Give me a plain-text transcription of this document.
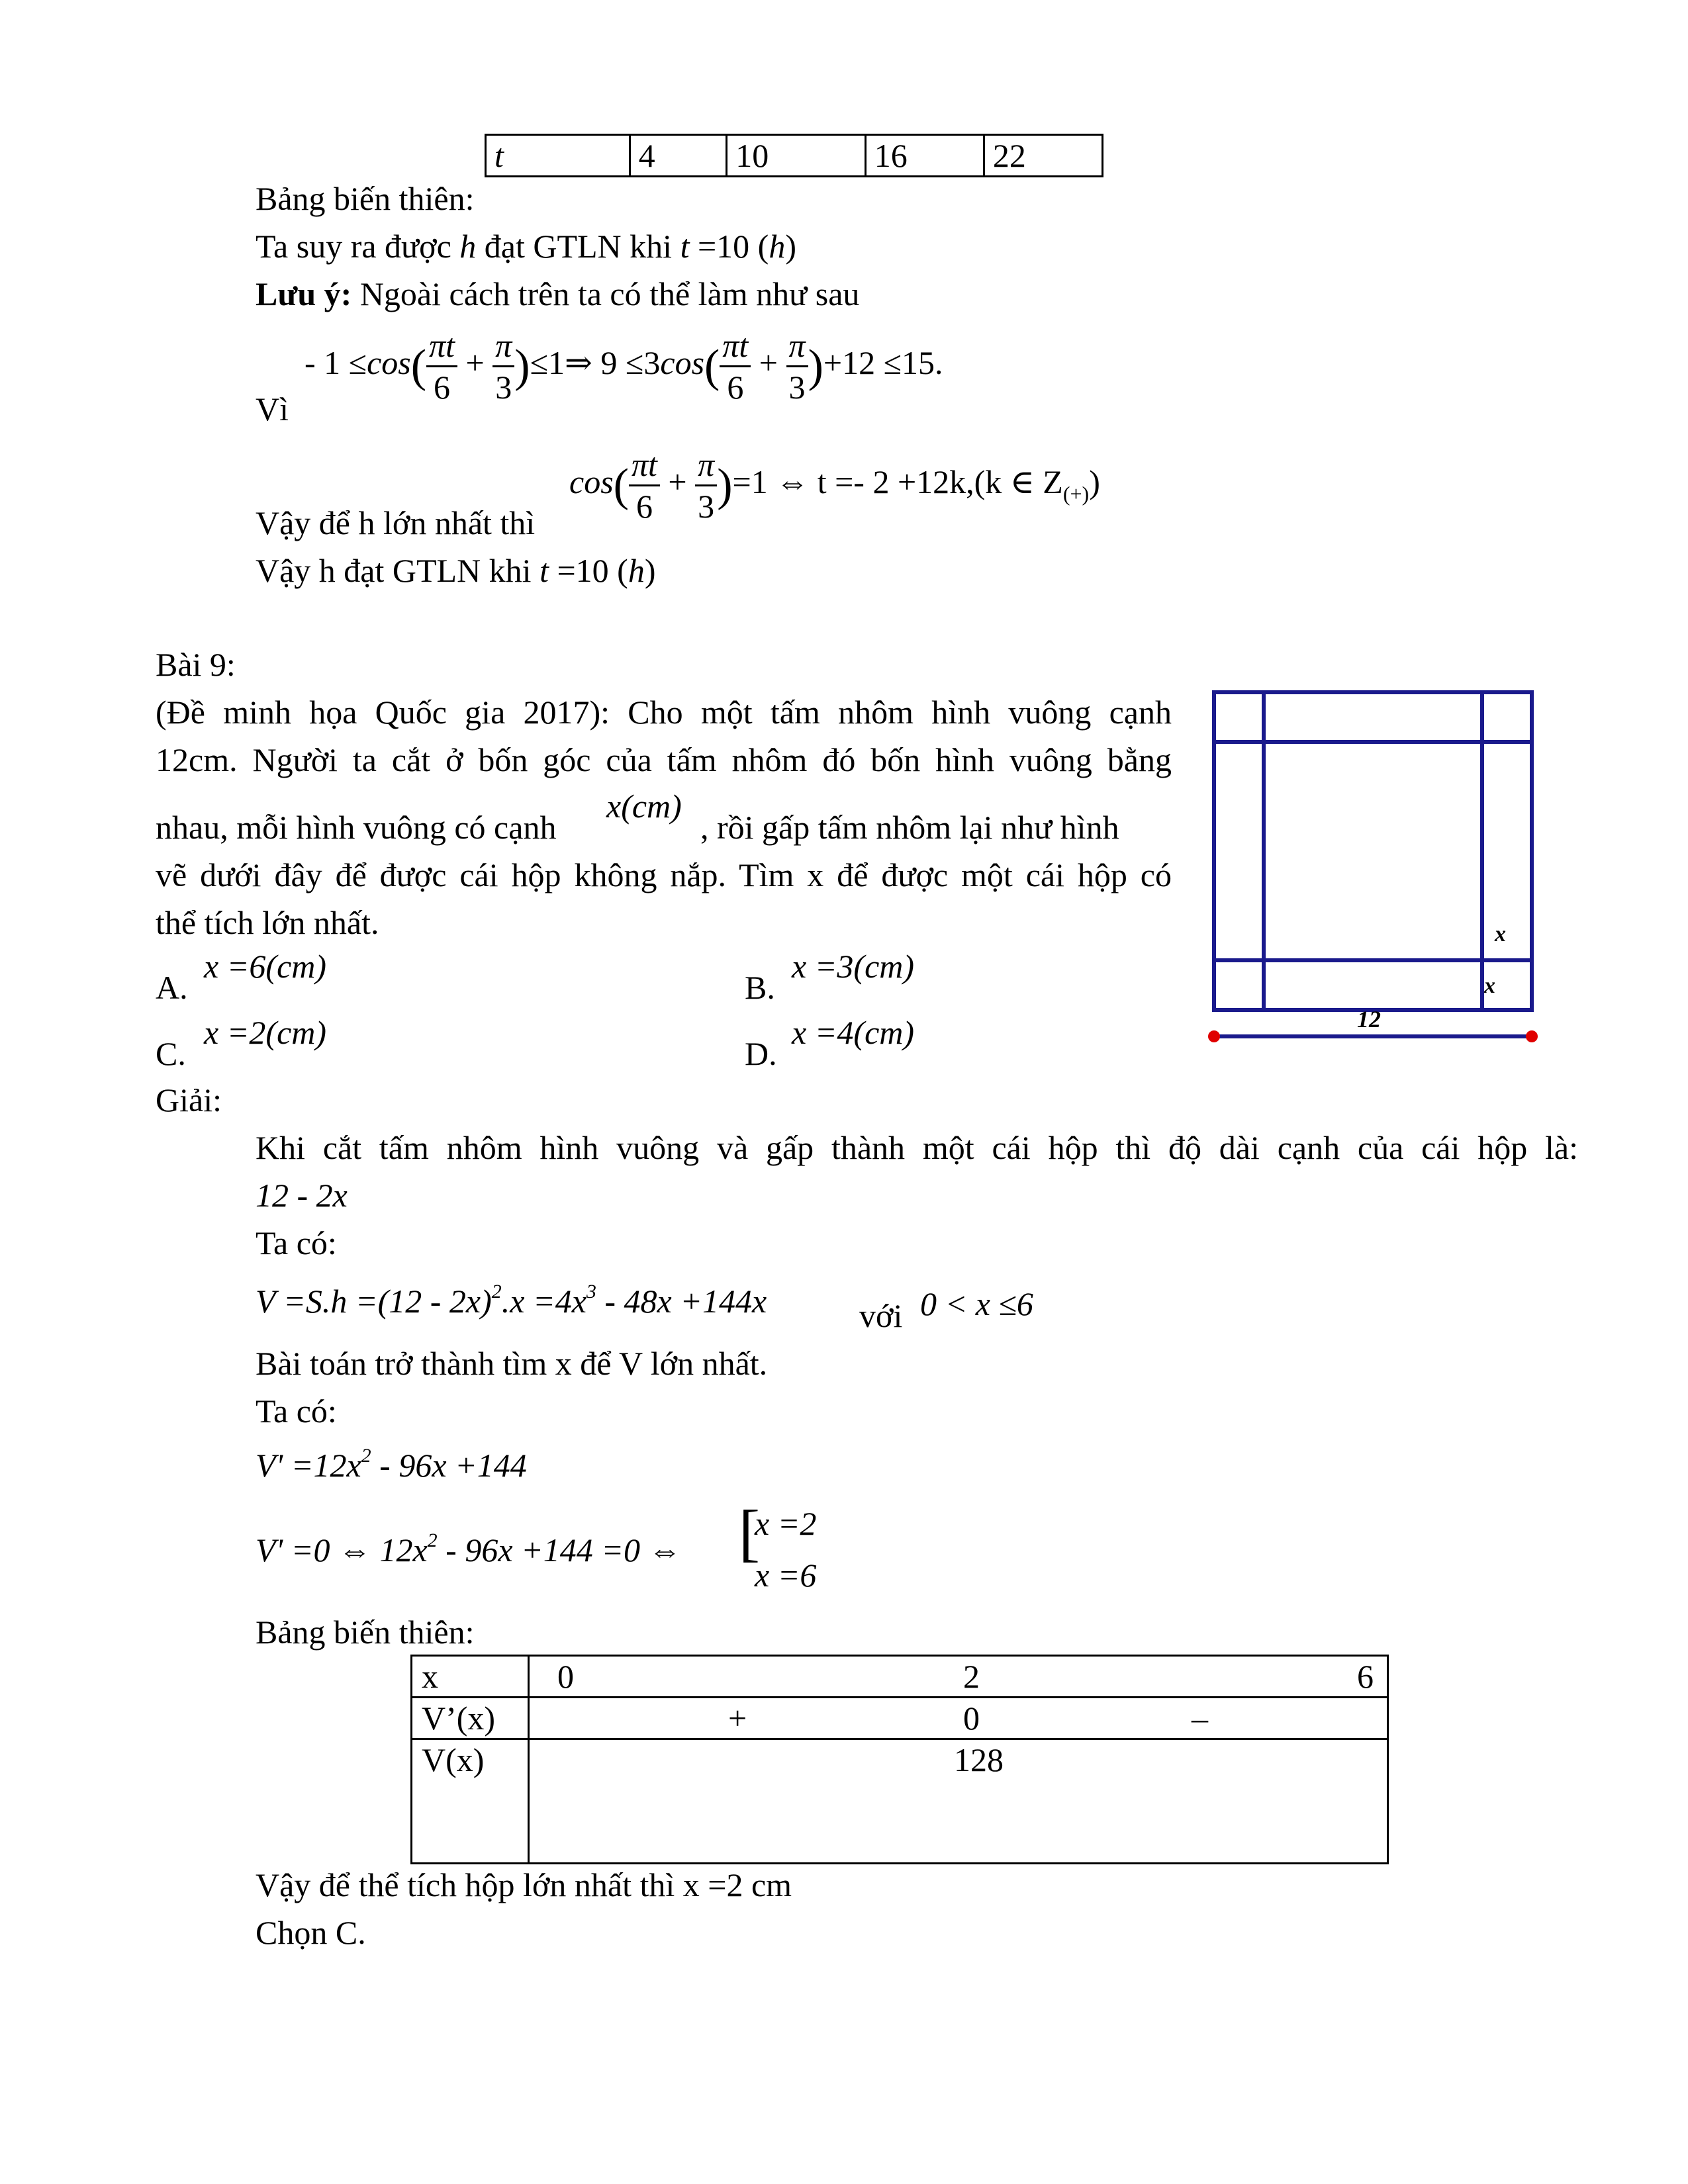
t	4	10	16	22
Bảng biến thiên:
Ta suy ra được h đạt GTLN khi t =10 (h)
Lưu ý: Ngoài cách trên ta có thể làm như sau
- $1 \le\cos( \frac{\pi t}{6} + \frac{\pi}{3}$ )≤1⇒ $9 \le 3\cos( \frac{\pi t}{6} + \frac{\pi}{3} )+12 \le 15$.
Vì
$\cos( \frac{\pi t}{6} + \frac{\pi}{3} )=1$ ⇔ t =- 2 +12k,(k ∈ $Z_{(+)}$)
Vậy để h lớn nhất thì
Vậy h đạt GTLN khi t =10 (h)
Bài 9:
(Đề minh họa Quốc gia 2017): Cho một tấm nhôm hình vuông cạnh
12cm. Người ta cắt ở bốn góc của tấm nhôm đó bốn hình vuông bằng
nhau, mỗi hình vuông có cạnh
x(cm)
, rồi gấp tấm nhôm lại như hình
vẽ dưới đây để được cái hộp không nắp. Tìm x để được một cái hộp có
thể tích lớn nhất.
A.
x =6(cm)
B.
x =3(cm)
C.
x =2(cm)
D.
x =4(cm)
x
x
12
Giải:
Khi cắt tấm nhôm hình vuông và gấp thành một cái hộp thì độ dài cạnh của cái hộp là:
12 - 2x
Ta có:
$V =S.h =(12 - 2x)^2.x =4x^3 - 48x +144x$	với 0 < x ≤6
Bài toán trở thành tìm x để V lớn nhất.
Ta có:
$V' =12x^2 - 96x +144$
V' =0 ⇔ $12x^2 - 96x +144 =0$ ⇔ [
x =2
x =6
Bảng biến thiên:
x	0 2 6

V’(x)	+ 0 –

V(x)	128
Vậy để thể tích hộp lớn nhất thì x =2 cm
Chọn C.
